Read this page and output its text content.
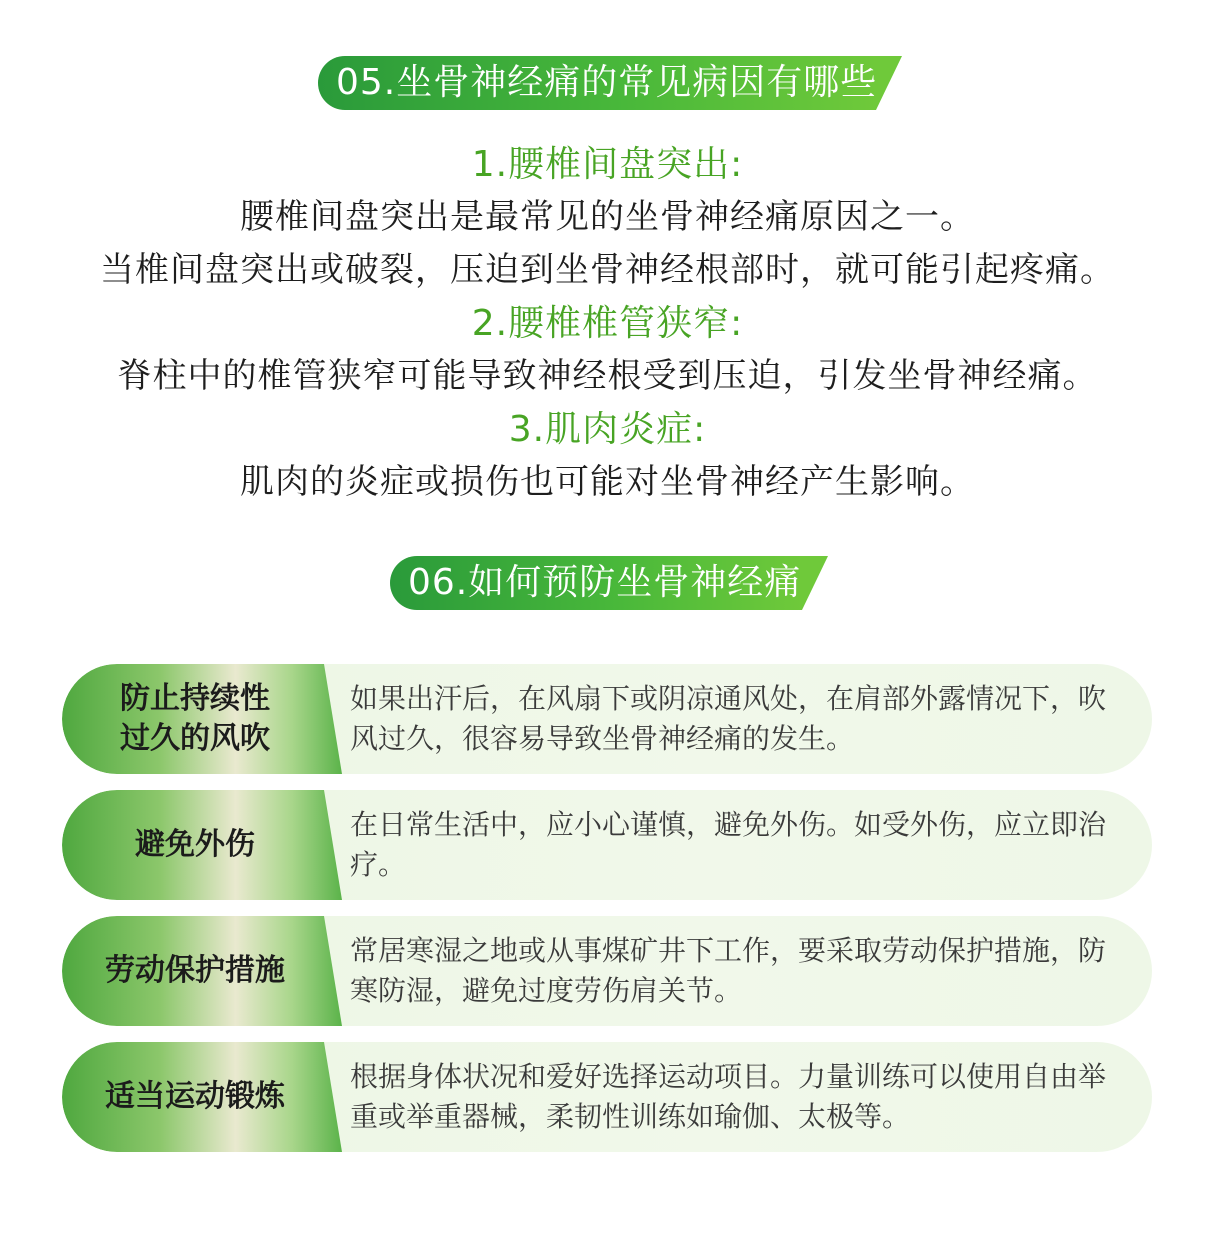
05.坐骨神经痛的常见病因有哪些?
1.腰椎间盘突出:
腰椎间盘突出是最常见的坐骨神经痛原因之一。
当椎间盘突出或破裂，压迫到坐骨神经根部时，就可能引起疼痛。
2.腰椎椎管狭窄:
脊柱中的椎管狭窄可能导致神经根受到压迫，引发坐骨神经痛。
3.肌肉炎症:
肌肉的炎症或损伤也可能对坐骨神经产生影响。
06.如何预防坐骨神经痛?
防止持续性
过久的风吹
如果出汗后，在风扇下或阴凉通风处，在肩部外露情况下，吹风过久，很容易导致坐骨神经痛的发生。
避免外伤
在日常生活中，应小心谨慎，避免外伤。如受外伤，应立即治疗。
劳动保护措施
常居寒湿之地或从事煤矿井下工作，要采取劳动保护措施，防寒防湿，避免过度劳伤肩关节。
适当运动锻炼
根据身体状况和爱好选择运动项目。力量训练可以使用自由举重或举重器械，柔韧性训练如瑜伽、太极等。
